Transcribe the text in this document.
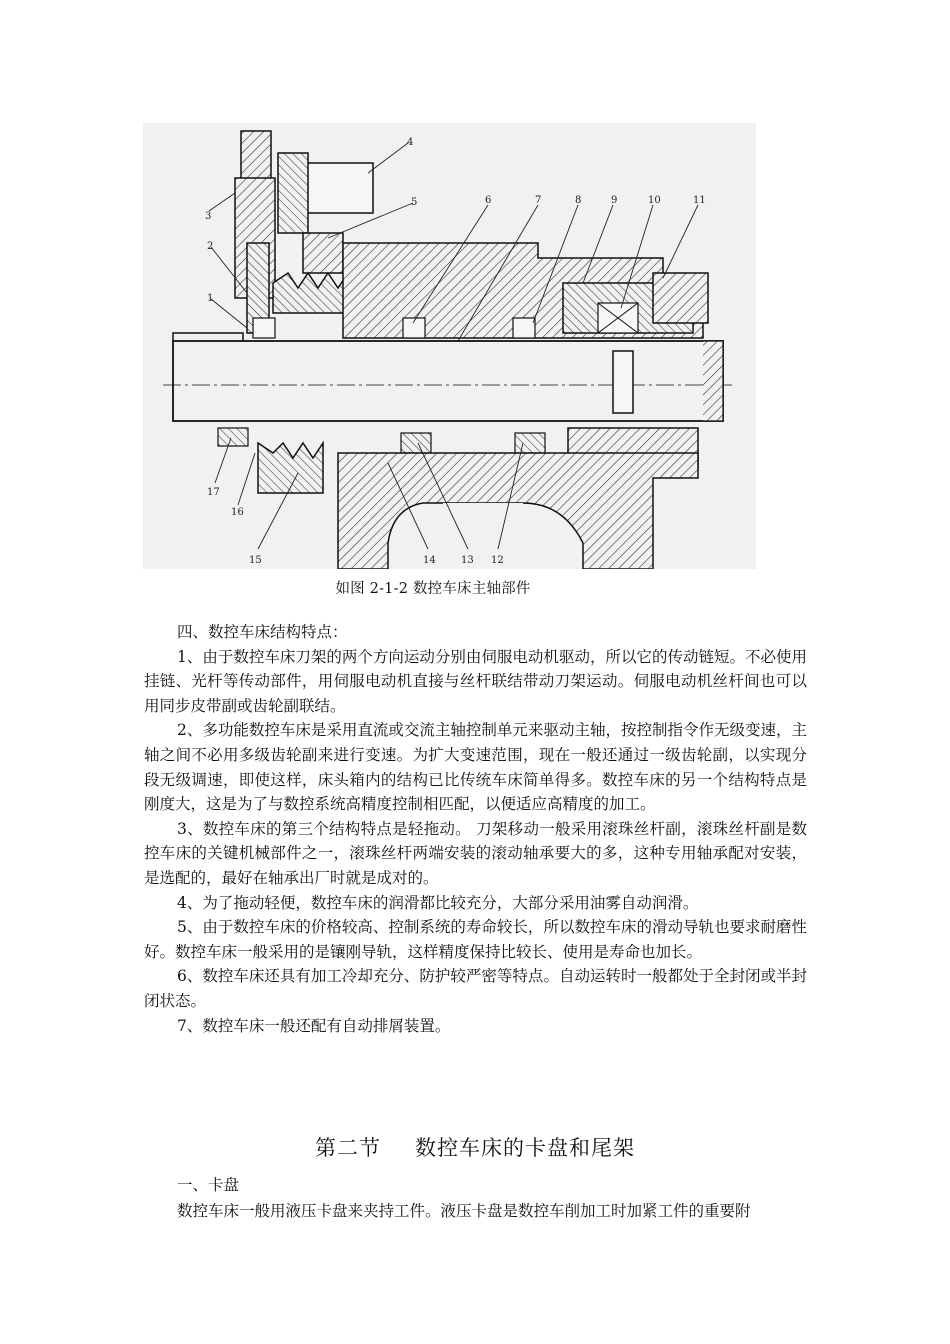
1
2
3
4
5	6	7	8	9	10	11
12
13
14
15
16
17
如图 2-1-2 数控车床主轴部件

四、数控车床结构特点：

1、由于数控车床刀架的两个方向运动分别由伺服电动机驱动，所以它的传动链短。不必使用挂链、光杆等传动部件，用伺服电动机直接与丝杆联结带动刀架运动。伺服电动机丝杆间也可以用同步皮带副或齿轮副联结。

2、多功能数控车床是采用直流或交流主轴控制单元来驱动主轴，按控制指令作无级变速，主轴之间不必用多级齿轮副来进行变速。为扩大变速范围，现在一般还通过一级齿轮副，以实现分段无级调速，即使这样，床头箱内的结构已比传统车床简单得多。数控车床的另一个结构特点是刚度大，这是为了与数控系统高精度控制相匹配，以便适应高精度的加工。

3、数控车床的第三个结构特点是轻拖动。 刀架移动一般采用滚珠丝杆副，滚珠丝杆副是数控车床的关键机械部件之一，滚珠丝杆两端安装的滚动轴承要大的多，这种专用轴承配对安装，是选配的，最好在轴承出厂时就是成对的。

4、为了拖动轻便，数控车床的润滑都比较充分，大部分采用油雾自动润滑。

5、由于数控车床的价格较高、控制系统的寿命较长，所以数控车床的滑动导轨也要求耐磨性好。数控车床一般采用的是镶刚导轨，这样精度保持比较长、使用是寿命也加长。

6、数控车床还具有加工冷却充分、防护较严密等特点。自动运转时一般都处于全封闭或半封闭状态。

7、数控车床一般还配有自动排屑装置。

第二节 数控车床的卡盘和尾架

一、卡盘

数控车床一般用液压卡盘来夹持工件。液压卡盘是数控车削加工时加紧工件的重要附
